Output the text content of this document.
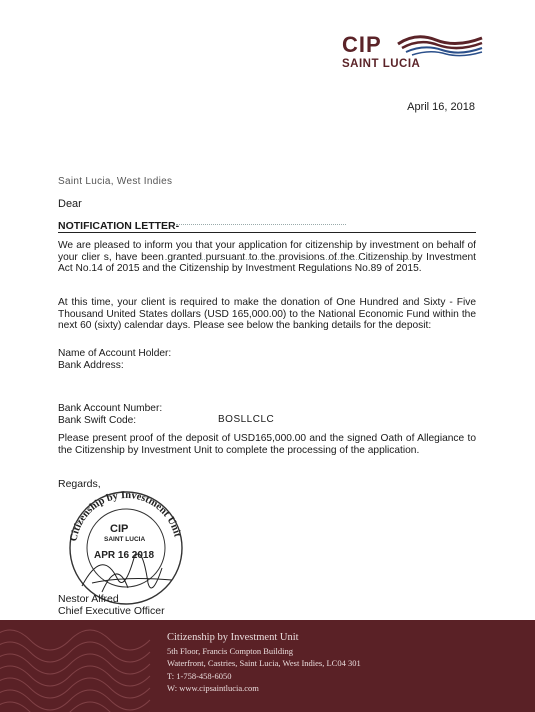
CIP
SAINT LUCIA
April 16, 2018
Saint Lucia, West Indies
Dear
NOTIFICATION LETTER-
We are pleased to inform you that your application for citizenship by investment on behalf of your clier s, have been granted pursuant to the provisions of the Citizenship by Investment Act No.14 of 2015 and the Citizenship by Investment Regulations No.89 of 2015.
At this time, your client is required to make the donation of One Hundred and Sixty - Five Thousand United States dollars (USD 165,000.00) to the National Economic Fund within the next 60 (sixty) calendar days. Please see below the banking details for the deposit:
Name of Account Holder:
Bank Address:
Bank Account Number:
Bank Swift Code:	BOSLLCLC
Please present proof of the deposit of USD165,000.00 and the signed Oath of Allegiance to the Citizenship by Investment Unit to complete the processing of the application.
Regards,
Citizenship by Investment Unit
CIP
SAINT LUCIA
APR 16 2018
Nestor Alfred
Chief Executive Officer
Citizenship by Investment Unit
5th Floor, Francis Compton Building
Waterfront, Castries, Saint Lucia, West Indies, LC04 301
T: 1-758-458-6050
W: www.cipsaintlucia.com
